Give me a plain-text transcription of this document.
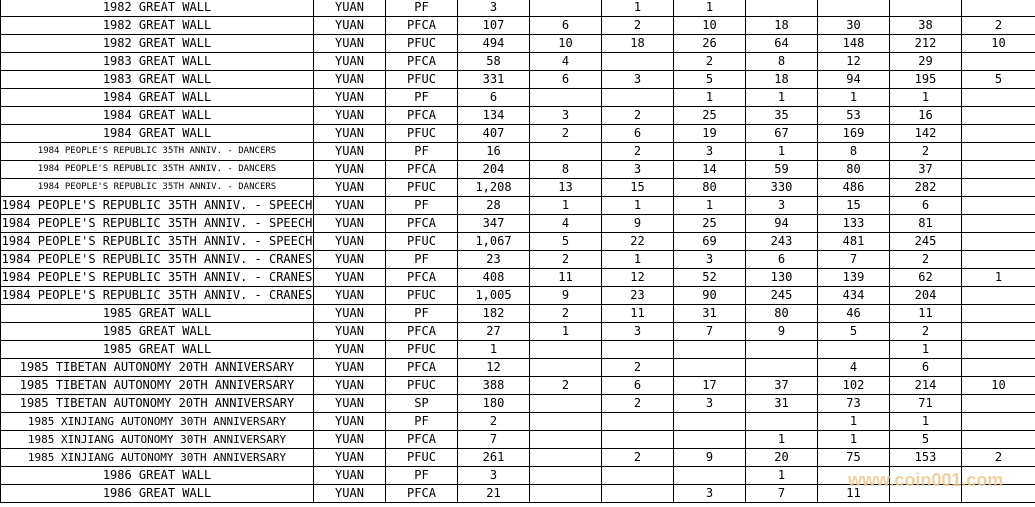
1982 GREAT WALL	YUAN	PF	3		1	1				
1982 GREAT WALL	YUAN	PFCA	107	6	2	10	18	30	38	2
1982 GREAT WALL	YUAN	PFUC	494	10	18	26	64	148	212	10
1983 GREAT WALL	YUAN	PFCA	58	4		2	8	12	29	
1983 GREAT WALL	YUAN	PFUC	331	6	3	5	18	94	195	5
1984 GREAT WALL	YUAN	PF	6			1	1	1	1	
1984 GREAT WALL	YUAN	PFCA	134	3	2	25	35	53	16	
1984 GREAT WALL	YUAN	PFUC	407	2	6	19	67	169	142	
1984 PEOPLE'S REPUBLIC 35TH ANNIV. - DANCERS	YUAN	PF	16		2	3	1	8	2	
1984 PEOPLE'S REPUBLIC 35TH ANNIV. - DANCERS	YUAN	PFCA	204	8	3	14	59	80	37	
1984 PEOPLE'S REPUBLIC 35TH ANNIV. - DANCERS	YUAN	PFUC	1,208	13	15	80	330	486	282	
1984 PEOPLE'S REPUBLIC 35TH ANNIV. - SPEECH	YUAN	PF	28	1	1	1	3	15	6	
1984 PEOPLE'S REPUBLIC 35TH ANNIV. - SPEECH	YUAN	PFCA	347	4	9	25	94	133	81	
1984 PEOPLE'S REPUBLIC 35TH ANNIV. - SPEECH	YUAN	PFUC	1,067	5	22	69	243	481	245	
1984 PEOPLE'S REPUBLIC 35TH ANNIV. - CRANES	YUAN	PF	23	2	1	3	6	7	2	
1984 PEOPLE'S REPUBLIC 35TH ANNIV. - CRANES	YUAN	PFCA	408	11	12	52	130	139	62	1
1984 PEOPLE'S REPUBLIC 35TH ANNIV. - CRANES	YUAN	PFUC	1,005	9	23	90	245	434	204	
1985 GREAT WALL	YUAN	PF	182	2	11	31	80	46	11	
1985 GREAT WALL	YUAN	PFCA	27	1	3	7	9	5	2	
1985 GREAT WALL	YUAN	PFUC	1						1	
1985 TIBETAN AUTONOMY 20TH ANNIVERSARY	YUAN	PFCA	12		2			4	6	
1985 TIBETAN AUTONOMY 20TH ANNIVERSARY	YUAN	PFUC	388	2	6	17	37	102	214	10
1985 TIBETAN AUTONOMY 20TH ANNIVERSARY	YUAN	SP	180		2	3	31	73	71	
1985 XINJIANG AUTONOMY 30TH ANNIVERSARY	YUAN	PF	2					1	1	
1985 XINJIANG AUTONOMY 30TH ANNIVERSARY	YUAN	PFCA	7				1	1	5	
1985 XINJIANG AUTONOMY 30TH ANNIVERSARY	YUAN	PFUC	261		2	9	20	75	153	2
1986 GREAT WALL	YUAN	PF	3				1			
1986 GREAT WALL	YUAN	PFCA	21			3	7	11		
www.coin001.com
